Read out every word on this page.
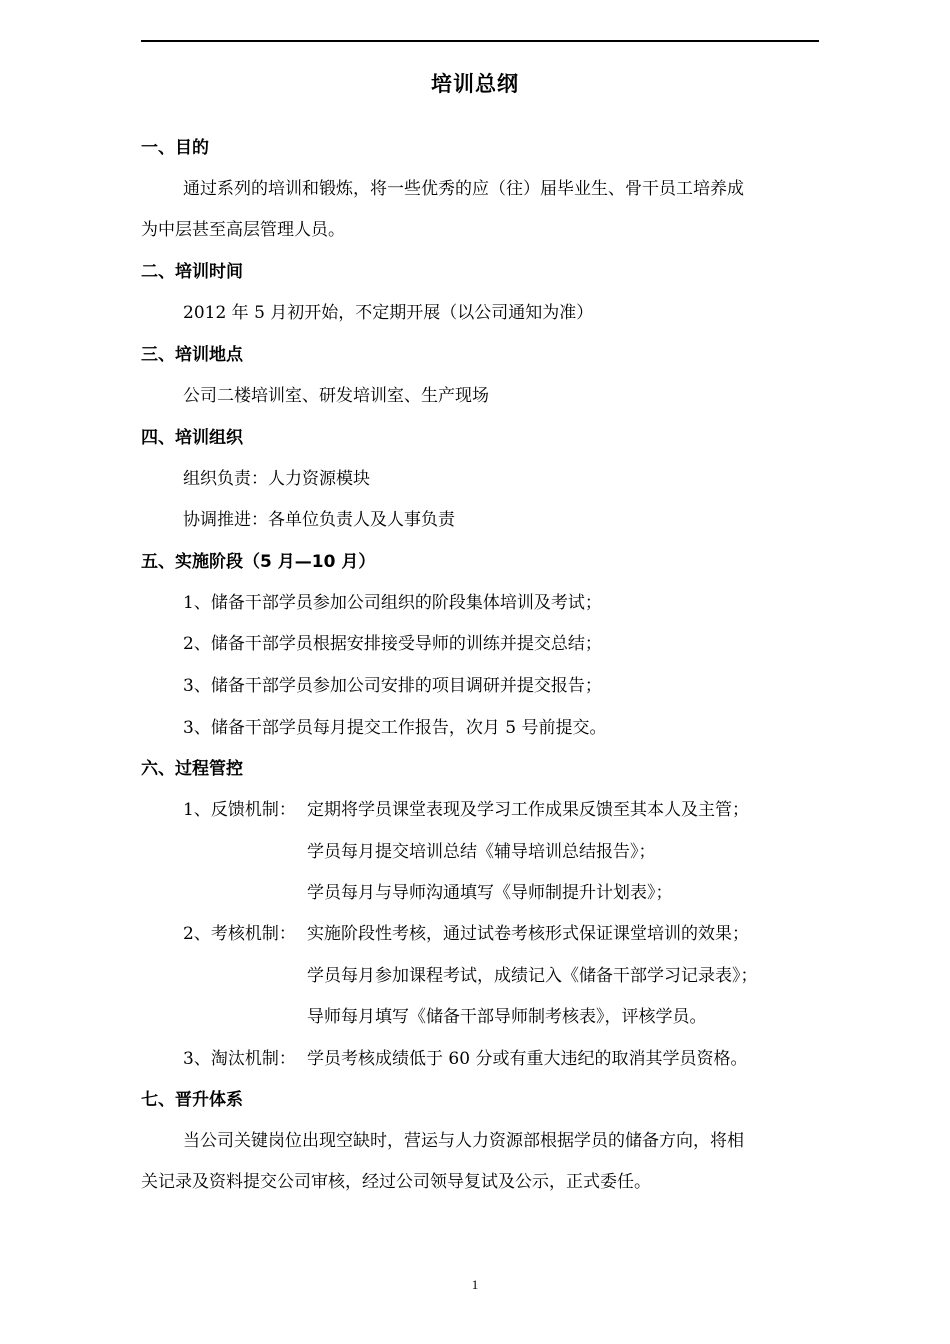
培训总纲
一、目的
通过系列的培训和锻炼，将一些优秀的应（往）届毕业生、骨干员工培养成
为中层甚至高层管理人员。
二、培训时间
2012 年 5 月初开始，不定期开展（以公司通知为准）
三、培训地点
公司二楼培训室、研发培训室、生产现场
四、培训组织
组织负责：人力资源模块
协调推进：各单位负责人及人事负责
五、实施阶段（5 月—10 月）
1、储备干部学员参加公司组织的阶段集体培训及考试；
2、储备干部学员根据安排接受导师的训练并提交总结；
3、储备干部学员参加公司安排的项目调研并提交报告；
3、储备干部学员每月提交工作报告，次月 5 号前提交。
六、过程管控
1、反馈机制： 定期将学员课堂表现及学习工作成果反馈至其本人及主管；
学员每月提交培训总结《辅导培训总结报告》；
学员每月与导师沟通填写《导师制提升计划表》；
2、考核机制： 实施阶段性考核，通过试卷考核形式保证课堂培训的效果；
学员每月参加课程考试，成绩记入《储备干部学习记录表》；
导师每月填写《储备干部导师制考核表》，评核学员。
3、淘汰机制： 学员考核成绩低于 60 分或有重大违纪的取消其学员资格。
七、晋升体系
当公司关键岗位出现空缺时，营运与人力资源部根据学员的储备方向，将相
关记录及资料提交公司审核，经过公司领导复试及公示，正式委任。
1
